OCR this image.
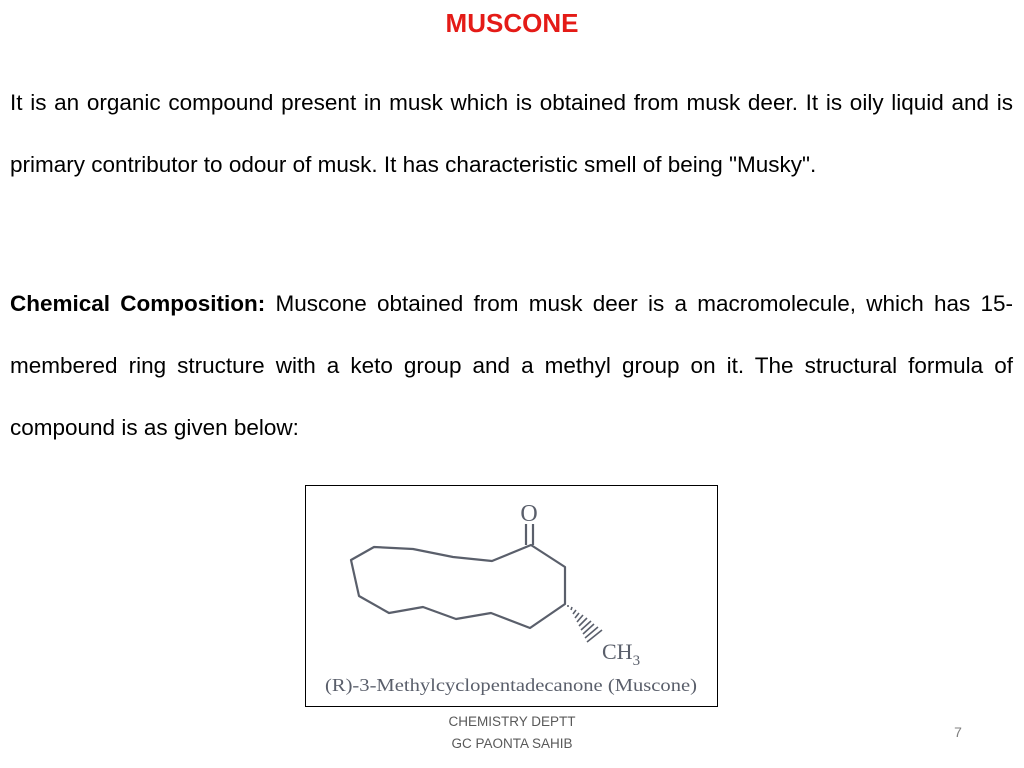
MUSCONE
It is an organic compound present in musk which is obtained from musk deer. It is oily liquid and is primary contributor to odour of musk. It has characteristic smell of being "Musky".
Chemical Composition: Muscone obtained from musk deer is a macromolecule, which has 15-membered ring structure with a keto group and a methyl group on it. The structural formula of compound is as given below:
O
$CH_3$
(R)-3-Methylcyclopentadecanone (Muscone)
CHEMISTRY DEPTT
GC PAONTA SAHIB
7
